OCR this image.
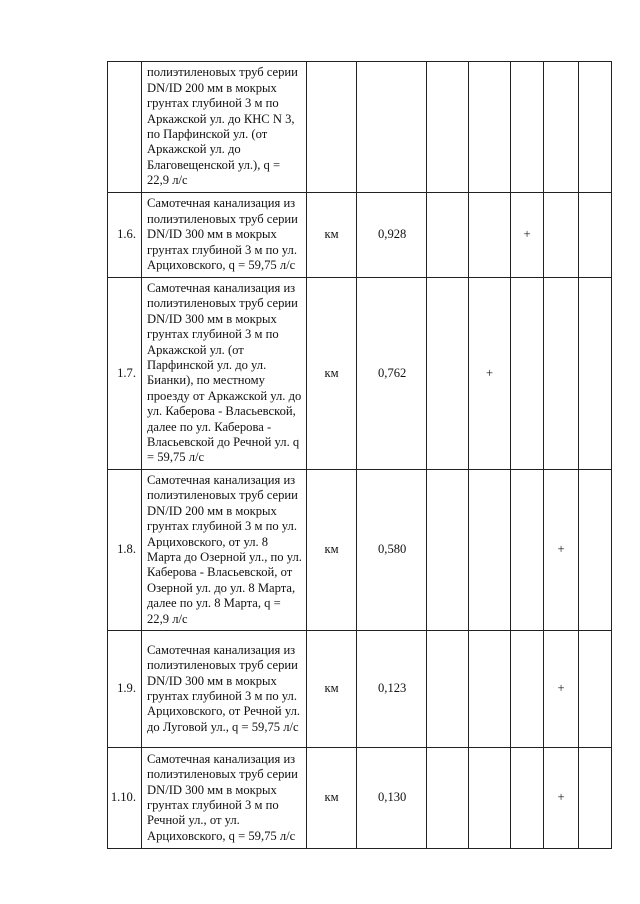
	полиэтиленовых труб серии DN/ID 200 мм в мокрых грунтах глубиной 3 м по Аркажской ул. до КНС N 3, по Парфинской ул. (от Аркажской ул. до Благовещенской ул.), q = 22,9 л/с							
1.6.	Самотечная канализация из полиэтиленовых труб серии DN/ID 300 мм в мокрых грунтах глубиной 3 м по ул. Арциховского, q = 59,75 л/с	км	0,928			+		
1.7.	Самотечная канализация из полиэтиленовых труб серии DN/ID 300 мм в мокрых грунтах глубиной 3 м по Аркажской ул. (от Парфинской ул. до ул. Бианки), по местному проезду от Аркажской ул. до ул. Каберова - Власьевской, далее по ул. Каберова - Власьевской до Речной ул. q = 59,75 л/с	км	0,762		+			
1.8.	Самотечная канализация из полиэтиленовых труб серии DN/ID 200 мм в мокрых грунтах глубиной 3 м по ул. Арциховского, от ул. 8 Марта до Озерной ул., по ул. Каберова - Власьевской, от Озерной ул. до ул. 8 Марта, далее по ул. 8 Марта, q = 22,9 л/с	км	0,580				+	
1.9.	Самотечная канализация из полиэтиленовых труб серии DN/ID 300 мм в мокрых грунтах глубиной 3 м по ул. Арциховского, от Речной ул. до Луговой ул., q = 59,75 л/с	км	0,123				+	
1.10.	Самотечная канализация из полиэтиленовых труб серии DN/ID 300 мм в мокрых грунтах глубиной 3 м по Речной ул., от ул. Арциховского, q = 59,75 л/с	км	0,130				+	
